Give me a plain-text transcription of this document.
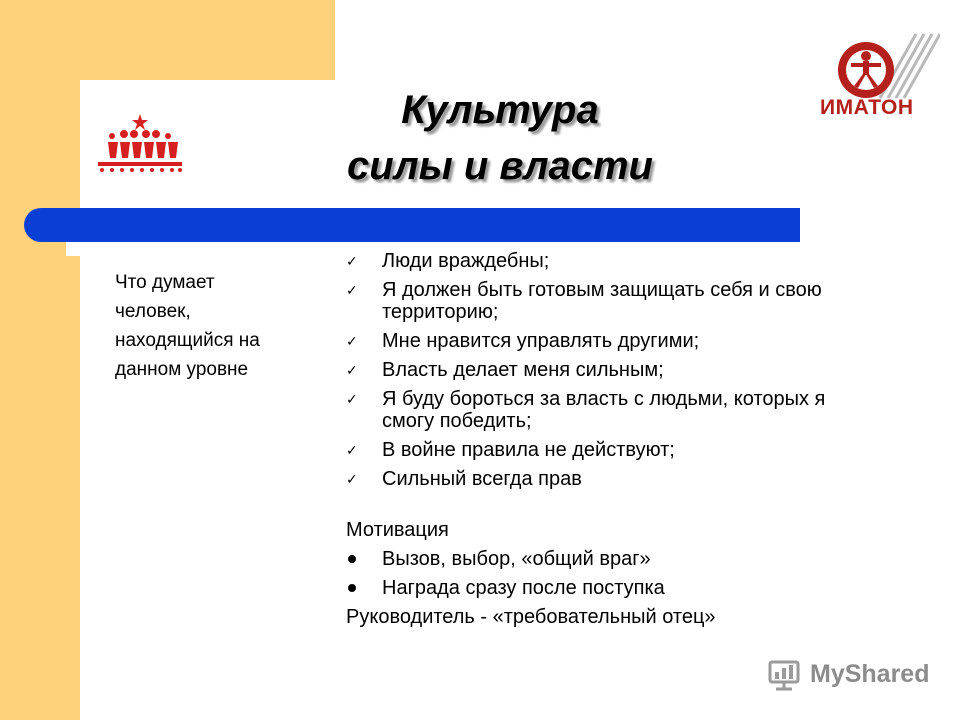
Культура
силы и власти
ИМАТОН
Что думает человек, находящийся на данном уровне
✓ Люди враждебны;
✓ Я должен быть готовым защищать себя и свою территорию;
✓ Мне нравится управлять другими;
✓ Власть делает меня сильным;
✓ Я буду бороться за власть с людьми, которых я смогу победить;
✓ В войне правила не действуют;
✓ Сильный всегда прав
Мотивация
Вызов, выбор, «общий враг»
Награда сразу после поступка
Руководитель - «требовательный отец»
MyShared
